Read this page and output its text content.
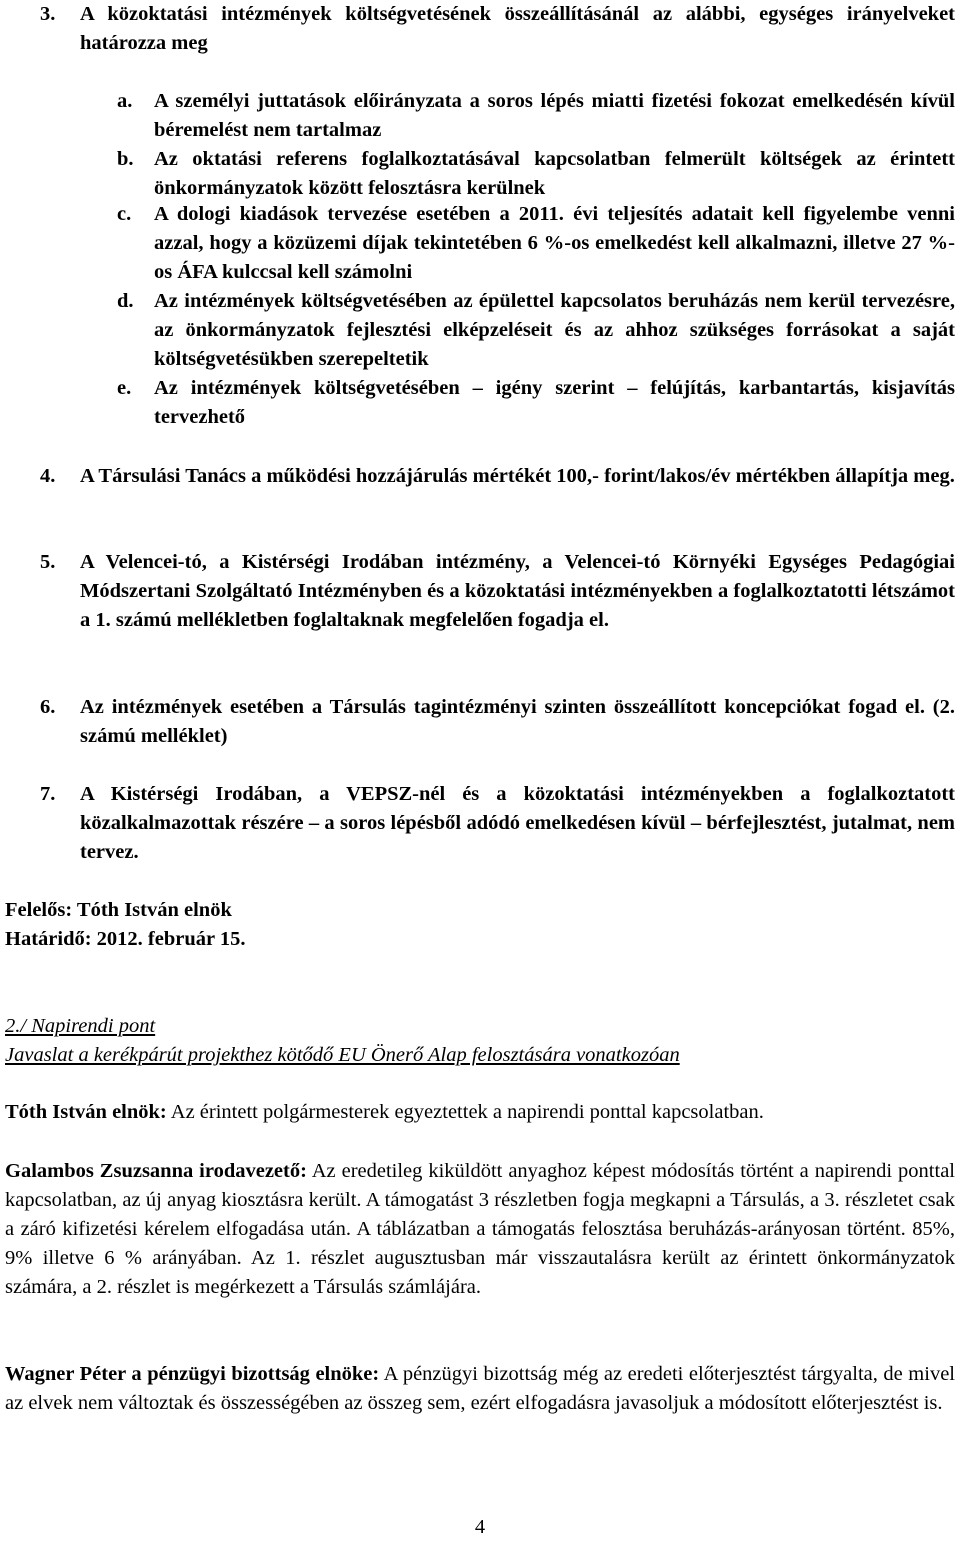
3. A közoktatási intézmények költségvetésének összeállításánál az alábbi, egységes irányelveket határozza meg
a. A személyi juttatások előirányzata a soros lépés miatti fizetési fokozat emelkedésén kívül béremelést nem tartalmaz
b. Az oktatási referens foglalkoztatásával kapcsolatban felmerült költségek az érintett önkormányzatok között felosztásra kerülnek
c. A dologi kiadások tervezése esetében a 2011. évi teljesítés adatait kell figyelembe venni azzal, hogy a közüzemi díjak tekintetében 6 %-os emelkedést kell alkalmazni, illetve 27 %-os ÁFA kulccsal kell számolni
d. Az intézmények költségvetésében az épülettel kapcsolatos beruházás nem kerül tervezésre, az önkormányzatok fejlesztési elképzeléseit és az ahhoz szükséges forrásokat a saját költségvetésükben szerepeltetik
e. Az intézmények költségvetésében – igény szerint – felújítás, karbantartás, kisjavítás tervezhető
4. A Társulási Tanács a működési hozzájárulás mértékét 100,- forint/lakos/év mértékben állapítja meg.
5. A Velencei-tó, a Kistérségi Irodában intézmény, a Velencei-tó Környéki Egységes Pedagógiai Módszertani Szolgáltató Intézményben és a közoktatási intézményekben a foglalkoztatotti létszámot a 1. számú mellékletben foglaltaknak megfelelően fogadja el.
6. Az intézmények esetében a Társulás tagintézményi szinten összeállított koncepciókat fogad el. (2. számú melléklet)
7. A Kistérségi Irodában, a VEPSZ-nél és a közoktatási intézményekben a foglalkoztatott közalkalmazottak részére – a soros lépésből adódó emelkedésen kívül – bérfejlesztést, jutalmat, nem tervez.
Felelős: Tóth István elnök
Határidő: 2012. február 15.
2./ Napirendi pont
Javaslat a kerékpárút projekthez kötődő EU Önerő Alap felosztására vonatkozóan
Tóth István elnök: Az érintett polgármesterek egyeztettek a napirendi ponttal kapcsolatban.
Galambos Zsuzsanna irodavezető: Az eredetileg kiküldött anyaghoz képest módosítás történt a napirendi ponttal kapcsolatban, az új anyag kiosztásra került. A támogatást 3 részletben fogja megkapni a Társulás, a 3. részletet csak a záró kifizetési kérelem elfogadása után. A táblázatban a támogatás felosztása beruházás-arányosan történt. 85%, 9% illetve 6 % arányában. Az 1. részlet augusztusban már visszautalásra került az érintett önkormányzatok számára, a 2. részlet is megérkezett a Társulás számlájára.
Wagner Péter a pénzügyi bizottság elnöke: A pénzügyi bizottság még az eredeti előterjesztést tárgyalta, de mivel az elvek nem változtak és összességében az összeg sem, ezért elfogadásra javasoljuk a módosított előterjesztést is.
4
